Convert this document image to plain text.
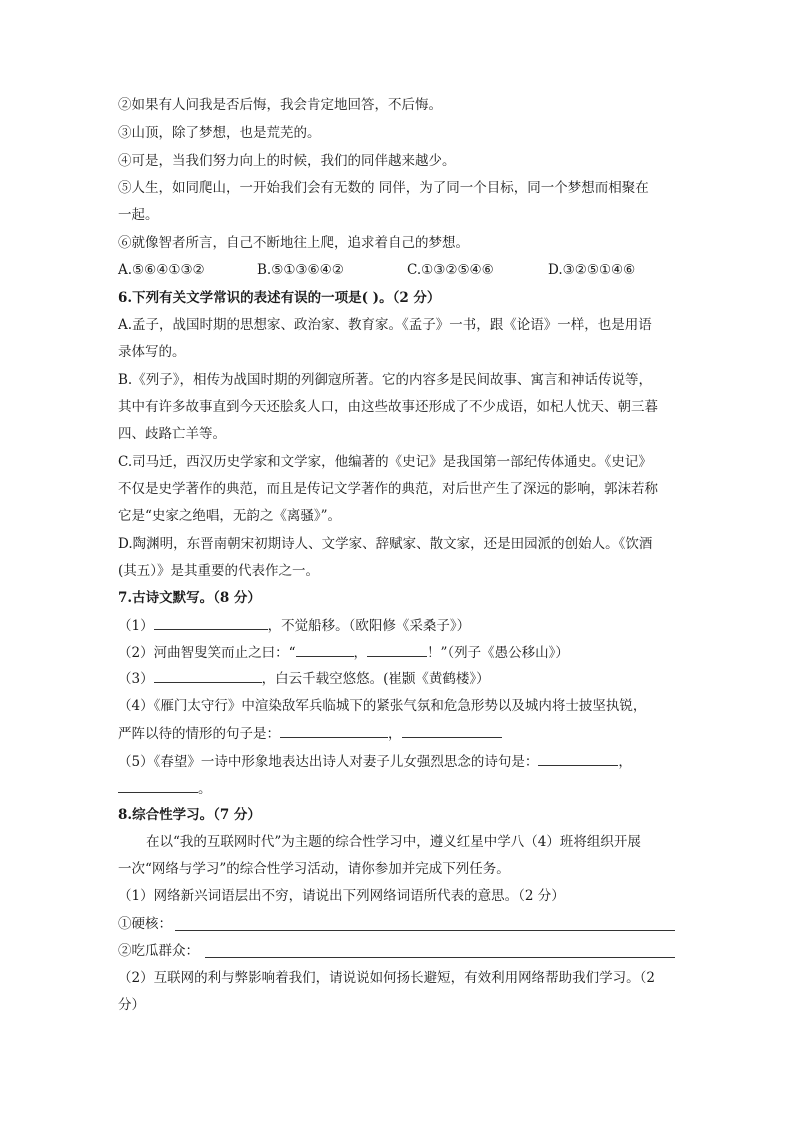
②如果有人问我是否后悔，我会肯定地回答，不后悔。
③山顶，除了梦想，也是荒芜的。
④可是，当我们努力向上的时候，我们的同伴越来越少。
⑤人生，如同爬山，一开始我们会有无数的 同伴，为了同一个目标，同一个梦想而相聚在
一起。
⑥就像智者所言，自己不断地往上爬，追求着自己的梦想。
A.⑤⑥④①③②	B.⑤①③⑥④②	C.①③②⑤④⑥	D.③②⑤①④⑥
6.下列有关文学常识的表述有误的一项是( )。（2 分）
A.孟子，战国时期的思想家、政治家、教育家。《孟子》一书，跟《论语》一样，也是用语
录体写的。
B.《列子》，相传为战国时期的列御寇所著。它的内容多是民间故事、寓言和神话传说等，
其中有许多故事直到今天还脍炙人口，由这些故事还形成了不少成语，如杞人忧天、朝三暮
四、歧路亡羊等。
C.司马迁，西汉历史学家和文学家，他编著的《史记》是我国第一部纪传体通史。《史记》
不仅是史学著作的典范，而且是传记文学著作的典范，对后世产生了深远的影响，郭沫若称
它是“史家之绝唱，无韵之《离骚》”。
D.陶渊明，东晋南朝宋初期诗人、文学家、辞赋家、散文家，还是田园派的创始人。《饮酒
(其五）》是其重要的代表作之一。
7.古诗文默写。（8 分）
（1）	，不觉船移。（欧阳修《采桑子》）
（2）河曲智叟笑而止之曰：“	，	！”（列子《愚公移山》）
（3）	，白云千载空悠悠。(崔颢《黄鹤楼》）
（4）《雁门太守行》中渲染敌军兵临城下的紧张气氛和危急形势以及城内将士披坚执锐，
严阵以待的情形的句子是：	，
（5）《春望》一诗中形象地表达出诗人对妻子儿女强烈思念的诗句是：	，
。
8.综合性学习。（7 分）
在以“我的互联网时代”为主题的综合性学习中，遵义红星中学八（4）班将组织开展
一次“网络与学习”的综合性学习活动，请你参加并完成下列任务。
（1）网络新兴词语层出不穷，请说出下列网络词语所代表的意思。（2 分）
①硬核：
②吃瓜群众：
（2）互联网的利与弊影响着我们，请说说如何扬长避短，有效利用网络帮助我们学习。（2
分）
